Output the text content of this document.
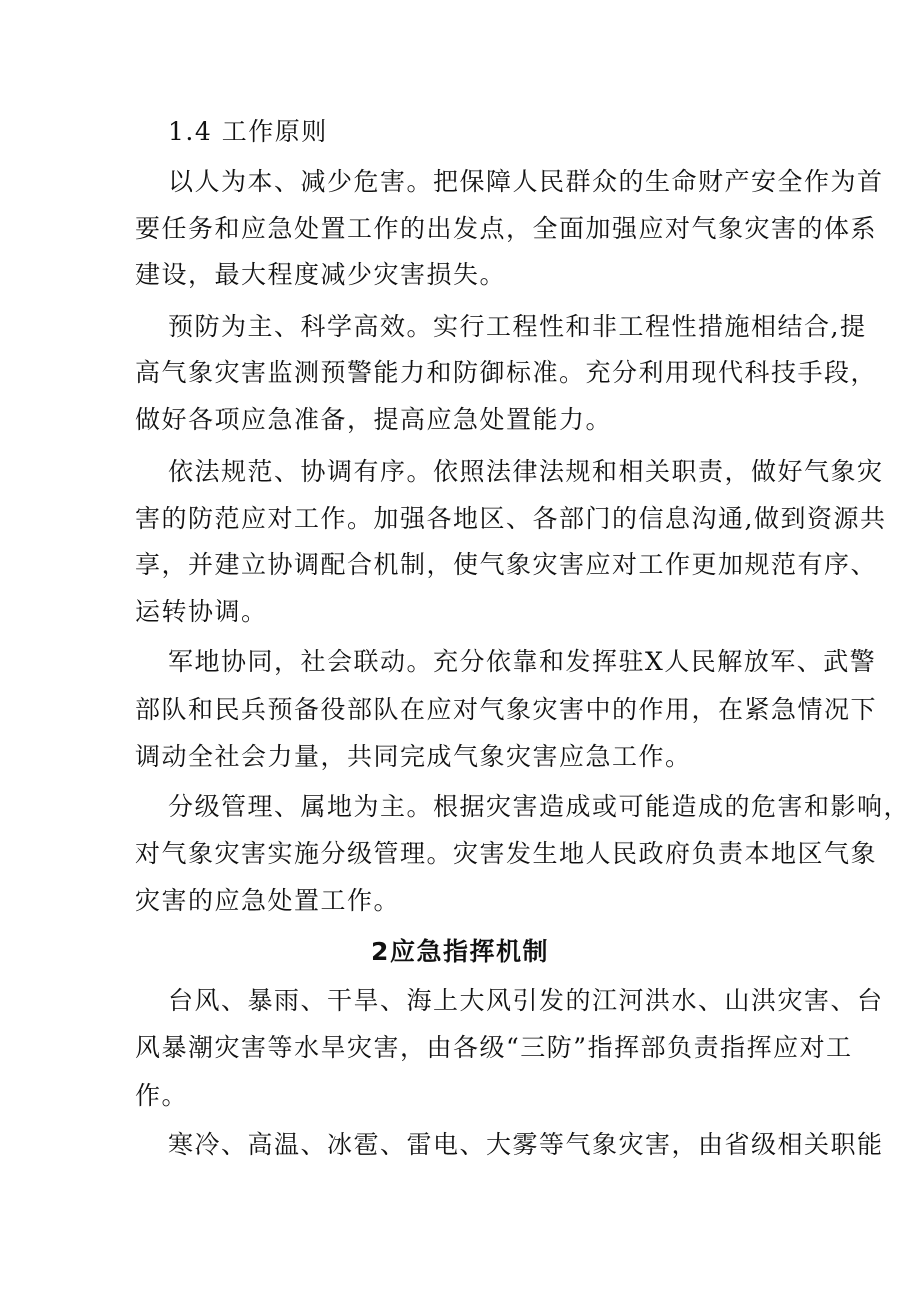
1.4 工作原则
以人为本、减少危害。把保障人民群众的生命财产安全作为首
要任务和应急处置工作的出发点，全面加强应对气象灾害的体系
建设，最大程度减少灾害损失。
预防为主、科学高效。实行工程性和非工程性措施相结合,提
高气象灾害监测预警能力和防御标准。充分利用现代科技手段，
做好各项应急准备，提高应急处置能力。
依法规范、协调有序。依照法律法规和相关职责，做好气象灾
害的防范应对工作。加强各地区、各部门的信息沟通,做到资源共
享，并建立协调配合机制，使气象灾害应对工作更加规范有序、
运转协调。
军地协同，社会联动。充分依靠和发挥驻X人民解放军、武警
部队和民兵预备役部队在应对气象灾害中的作用，在紧急情况下
调动全社会力量，共同完成气象灾害应急工作。
分级管理、属地为主。根据灾害造成或可能造成的危害和影响，
对气象灾害实施分级管理。灾害发生地人民政府负责本地区气象
灾害的应急处置工作。
2应急指挥机制
台风、暴雨、干旱、海上大风引发的江河洪水、山洪灾害、台
风暴潮灾害等水旱灾害，由各级“三防”指挥部负责指挥应对工
作。
寒冷、高温、冰雹、雷电、大雾等气象灾害，由省级相关职能
